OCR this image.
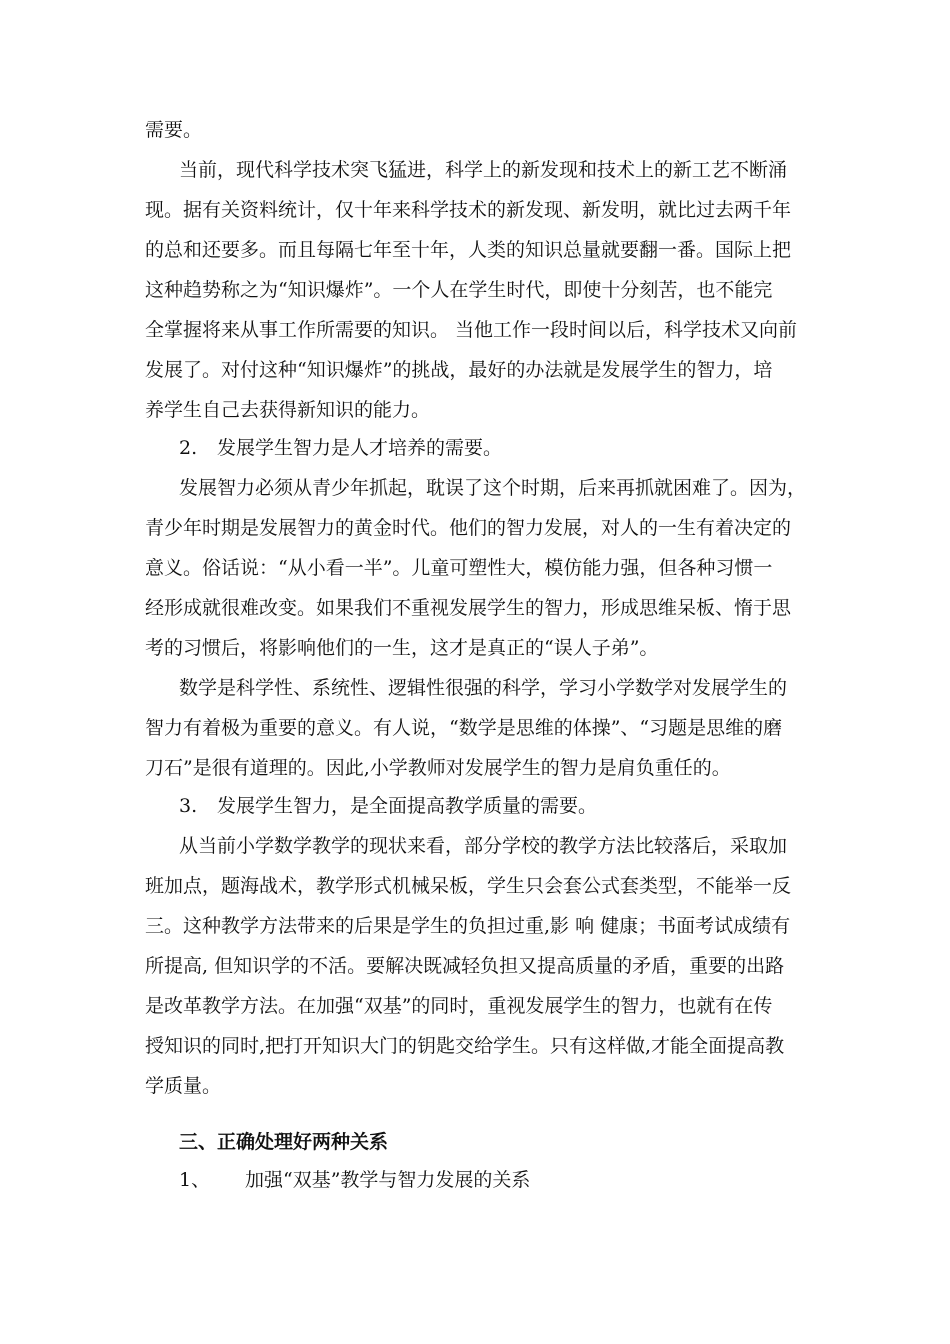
需要。
当前，现代科学技术突飞猛进，科学上的新发现和技术上的新工艺不断涌
现。据有关资料统计，仅十年来科学技术的新发现、新发明，就比过去两千年
的总和还要多。而且每隔七年至十年，人类的知识总量就要翻一番。国际上把
这种趋势称之为“知识爆炸”。一个人在学生时代，即使十分刻苦，也不能完
全掌握将来从事工作所需要的知识。 当他工作一段时间以后，科学技术又向前
发展了。对付这种“知识爆炸”的挑战，最好的办法就是发展学生的智力，培
养学生自己去获得新知识的能力。
2. 发展学生智力是人才培养的需要。
发展智力必须从青少年抓起，耽误了这个时期，后来再抓就困难了。因为，
青少年时期是发展智力的黄金时代。他们的智力发展，对人的一生有着决定的
意义。俗话说：“从小看一半”。儿童可塑性大，模仿能力强，但各种习惯一
经形成就很难改变。如果我们不重视发展学生的智力，形成思维呆板、惰于思
考的习惯后，将影响他们的一生，这才是真正的“误人子弟”。
数学是科学性、系统性、逻辑性很强的科学，学习小学数学对发展学生的
智力有着极为重要的意义。有人说，“数学是思维的体操”、“习题是思维的磨
刀石”是很有道理的。因此,小学教师对发展学生的智力是肩负重任的。
3. 发展学生智力，是全面提高教学质量的需要。
从当前小学数学教学的现状来看，部分学校的教学方法比较落后，采取加
班加点，题海战术，教学形式机械呆板，学生只会套公式套类型，不能举一反
三。这种教学方法带来的后果是学生的负担过重,影 响 健康；书面考试成绩有
所提高, 但知识学的不活。要解决既减轻负担又提高质量的矛盾，重要的出路
是改革教学方法。在加强“双基”的同时，重视发展学生的智力，也就有在传
授知识的同时,把打开知识大门的钥匙交给学生。只有这样做,才能全面提高教
学质量。
三、正确处理好两种关系
1、 加强“双基”教学与智力发展的关系
